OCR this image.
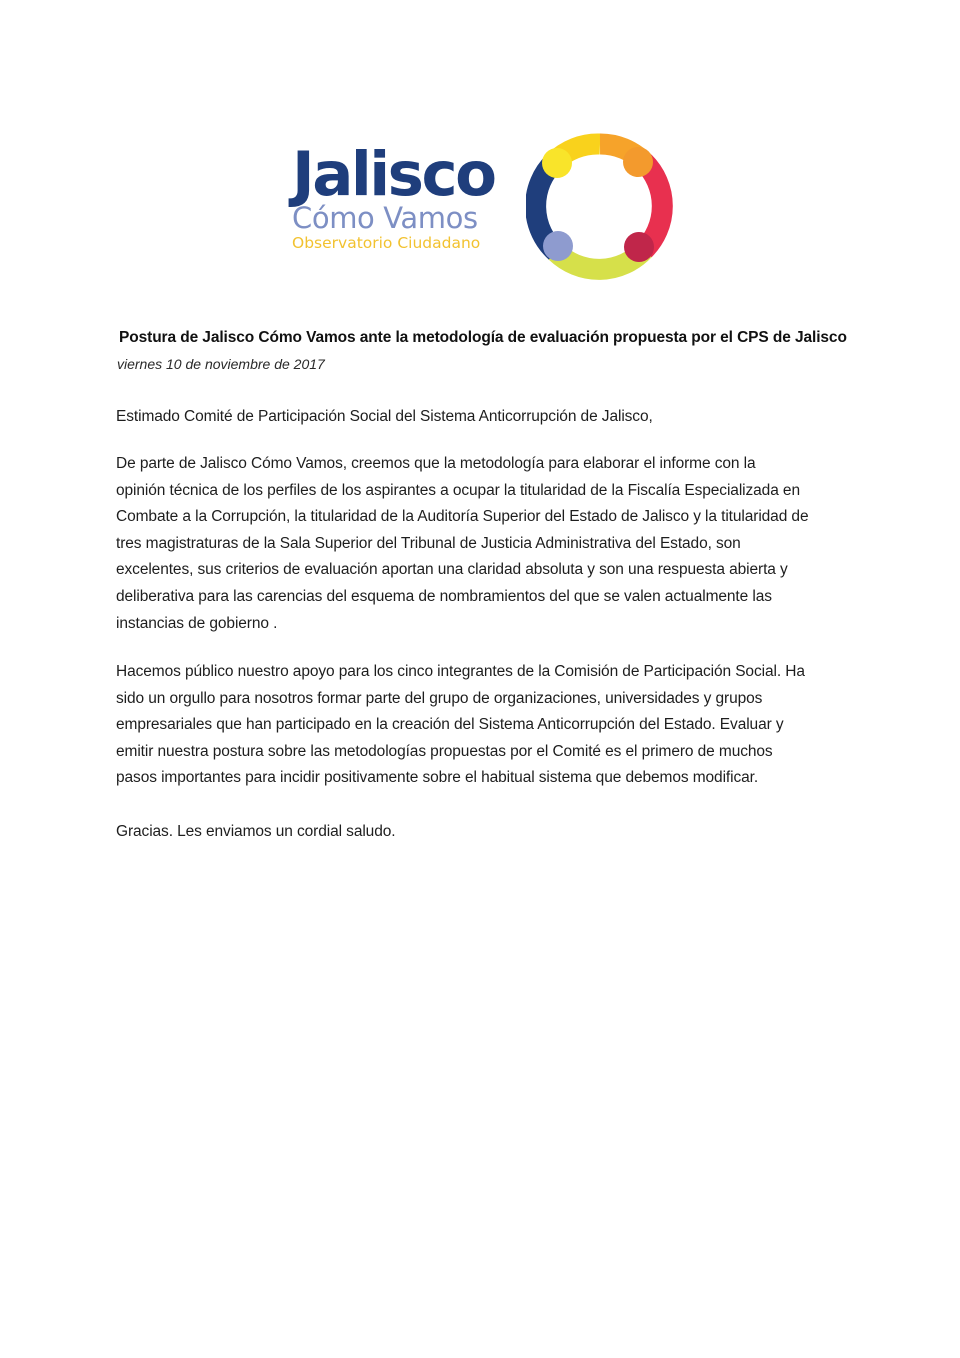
Jalisco
Cómo Vamos
Observatorio Ciudadano
Postura de Jalisco Cómo Vamos ante la metodología de evaluación propuesta por el CPS de Jalisco
viernes 10 de noviembre de 2017
Estimado Comité de Participación Social del Sistema Anticorrupción de Jalisco,
De parte de Jalisco Cómo Vamos, creemos que la metodología para elaborar el informe con la
opinión técnica de los perfiles de los aspirantes a ocupar la titularidad de la Fiscalía Especializada en
Combate a la Corrupción, la titularidad de la Auditoría Superior del Estado de Jalisco y la titularidad de
tres magistraturas de la Sala Superior del Tribunal de Justicia Administrativa del Estado, son
excelentes, sus criterios de evaluación aportan una claridad absoluta y son una respuesta abierta y
deliberativa para las carencias del esquema de nombramientos del que se valen actualmente las
instancias de gobierno .
Hacemos público nuestro apoyo para los cinco integrantes de la Comisión de Participación Social. Ha
sido un orgullo para nosotros formar parte del grupo de organizaciones, universidades y grupos
empresariales que han participado en la creación del Sistema Anticorrupción del Estado. Evaluar y
emitir nuestra postura sobre las metodologías propuestas por el Comité es el primero de muchos
pasos importantes para incidir positivamente sobre el habitual sistema que debemos modificar.
Gracias. Les enviamos un cordial saludo.
